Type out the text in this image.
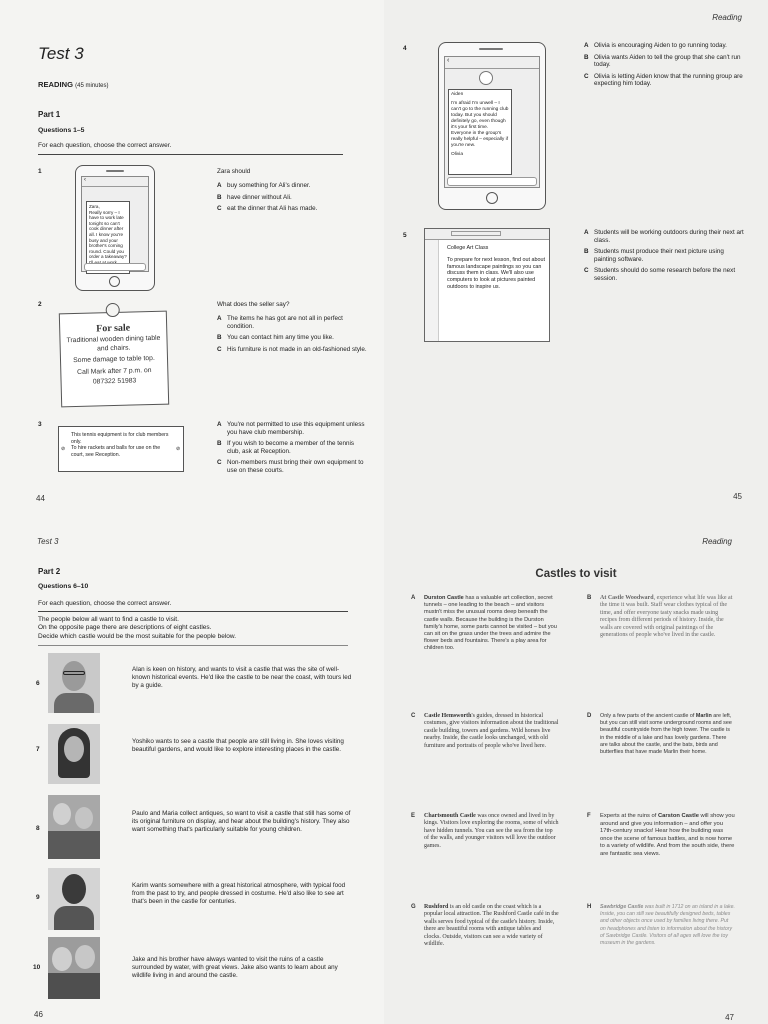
Test 3
READING (45 minutes)
Part 1
Questions 1–5
For each question, choose the correct answer.
1
‹
Zara,
Really sorry – I have to work late tonight so can't cook dinner after all. I know you're busy and your brother's coming round. Could you order a takeaway?

Zara should
A buy something for Ali's dinner.
B have dinner without Ali.
C eat the dinner that Ali has made.
2
For sale
Traditional wooden dining table and chairs.
Some damage to table top.
Call Mark after 7 p.m. on
087322 51983
What does the seller say?
A The items he has got are not all in perfect condition.
B You can contact him any time you like.
C His furniture is not made in an old-fashioned style.
3
This tennis equipment is for club members only.
To hire rackets and balls for use on the court, see Reception.
⊘	⊘
A You're not permitted to use this equipment unless you have club membership.
B If you wish to become a member of the tennis club, ask at Reception.
C Non-members must bring their own equipment to use on these courts.
44
Reading
4
‹
Aiden
I'm afraid I'm unwell – I can't go to the running club today. But you should definitely go, even though it's your first time. Everyone in the group's really helpful – especially if you're new.
Olivia
A Olivia is encouraging Aiden to go running today.
B Olivia wants Aiden to tell the group that she can't run today.
C Olivia is letting Aiden know that the running group are expecting him today.
5
College Art Class
To prepare for next lesson, find out about famous landscape paintings so you can discuss them in class. We'll also use computers to look at pictures painted outdoors to inspire us.
A Students will be working outdoors during their next art class.
B Students must produce their next picture using painting software.
C Students should do some research before the next session.
45
Test 3
Part 2
Questions 6–10
For each question, choose the correct answer.
The people below all want to find a castle to visit.
On the opposite page there are descriptions of eight castles.
Decide which castle would be the most suitable for the people below.
6
Alan is keen on history, and wants to visit a castle that was the site of well-known historical events. He'd like the castle to be near the coast, with tours led by a guide.
7
Yoshiko wants to see a castle that people are still living in. She loves visiting beautiful gardens, and would like to explore interesting places in the castle.
8
Paulo and Maria collect antiques, so want to visit a castle that still has some of its original furniture on display, and hear about the building's history. They also want something that's particularly suitable for young children.
9
Karim wants somewhere with a great historical atmosphere, with typical food from the past to try, and people dressed in costume. He'd also like to see art that's been in the castle for centuries.
10
Jake and his brother have always wanted to visit the ruins of a castle surrounded by water, with great views. Jake also wants to learn about any wildlife living in and around the castle.
46
Reading
Castles to visit
A Durston Castle has a valuable art collection, secret tunnels – one leading to the beach – and visitors mustn't miss the unusual rooms deep beneath the castle walls. Because the building is the Durston family's home, some parts cannot be visited – but you can sit on the grass under the trees and admire the flower beds and fountains. There's a play area for children too.
B At Castle Woodward, experience what life was like at the time it was built. Staff wear clothes typical of the time, and offer everyone tasty snacks made using recipes from different periods of history. Inside, the walls are covered with original paintings of the generations of people who've lived in the castle.
C Castle Hemsworth's guides, dressed in historical costumes, give visitors information about the traditional castle building, towers and gardens. Wild horses live nearby. Inside, the castle looks unchanged, with old furniture and portraits of people who've lived here.
D Only a few parts of the ancient castle of Marlin are left, but you can still visit some underground rooms and see beautiful countryside from the high tower. The castle is in the middle of a lake and has lovely gardens. There are talks about the castle, and the bats, birds and butterflies that have made Marlin their home.
E Chartsmouth Castle was once owned and lived in by kings. Visitors love exploring the rooms, some of which have hidden tunnels. You can see the sea from the top of the walls, and younger visitors will love the outdoor games.
F Experts at the ruins of Carston Castle will show you around and give you information – and offer you 17th-century snacks! Hear how the building was once the scene of famous battles, and is now home to a variety of wildlife. And from the south side, there are fantastic sea views.
G Rushford is an old castle on the coast which is a popular local attraction. The Rushford Castle café in the walls serves food typical of the castle's history. Inside, there are beautiful rooms with antique tables and clocks. Outside, visitors can see a wide variety of wildlife.
H Sawbridge Castle was built in 1712 on an island in a lake. Inside, you can still see beautifully designed beds, tables and other objects once used by families living there. Put on headphones and listen to information about the history of Sawbridge Castle. Visitors of all ages will love the toy museum in the gardens.
47
